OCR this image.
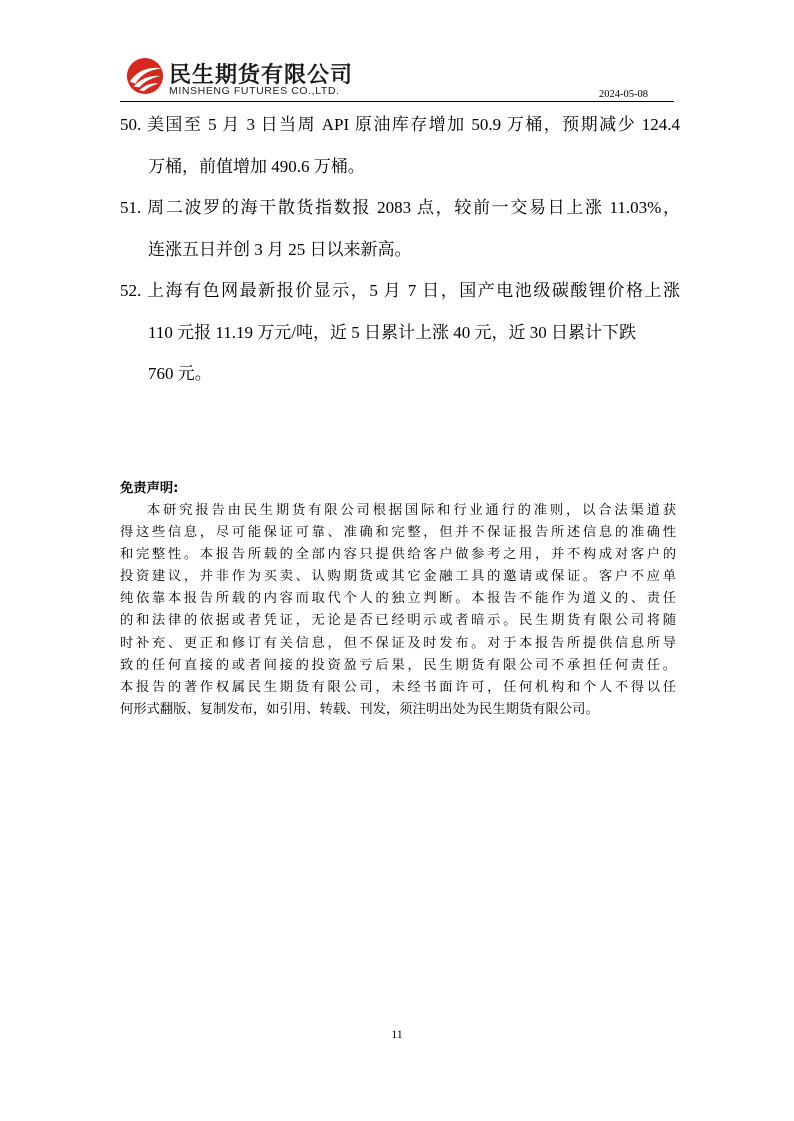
民生期货有限公司
MINSHENG FUTURES CO.,LTD.	2024-05-08
50. 美国至 5 月 3 日当周 API 原油库存增加 50.9 万桶，预期减少 124.4
万桶，前值增加 490.6 万桶。
51. 周二波罗的海干散货指数报 2083 点，较前一交易日上涨 11.03%，
连涨五日并创 3 月 25 日以来新高。
52. 上海有色网最新报价显示，5 月 7 日，国产电池级碳酸锂价格上涨
110 元报 11.19 万元/吨，近 5 日累计上涨 40 元，近 30 日累计下跌
760 元。

免责声明:

本研究报告由民生期货有限公司根据国际和行业通行的准则，以合法渠道获
得这些信息，尽可能保证可靠、准确和完整，但并不保证报告所述信息的准确性
和完整性。本报告所载的全部内容只提供给客户做参考之用，并不构成对客户的
投资建议，并非作为买卖、认购期货或其它金融工具的邀请或保证。客户不应单
纯依靠本报告所载的内容而取代个人的独立判断。本报告不能作为道义的、责任
的和法律的依据或者凭证，无论是否已经明示或者暗示。民生期货有限公司将随
时补充、更正和修订有关信息，但不保证及时发布。对于本报告所提供信息所导
致的任何直接的或者间接的投资盈亏后果，民生期货有限公司不承担任何责任。
本报告的著作权属民生期货有限公司，未经书面许可，任何机构和个人不得以任
何形式翻版、复制发布，如引用、转载、刊发，须注明出处为民生期货有限公司。
11
